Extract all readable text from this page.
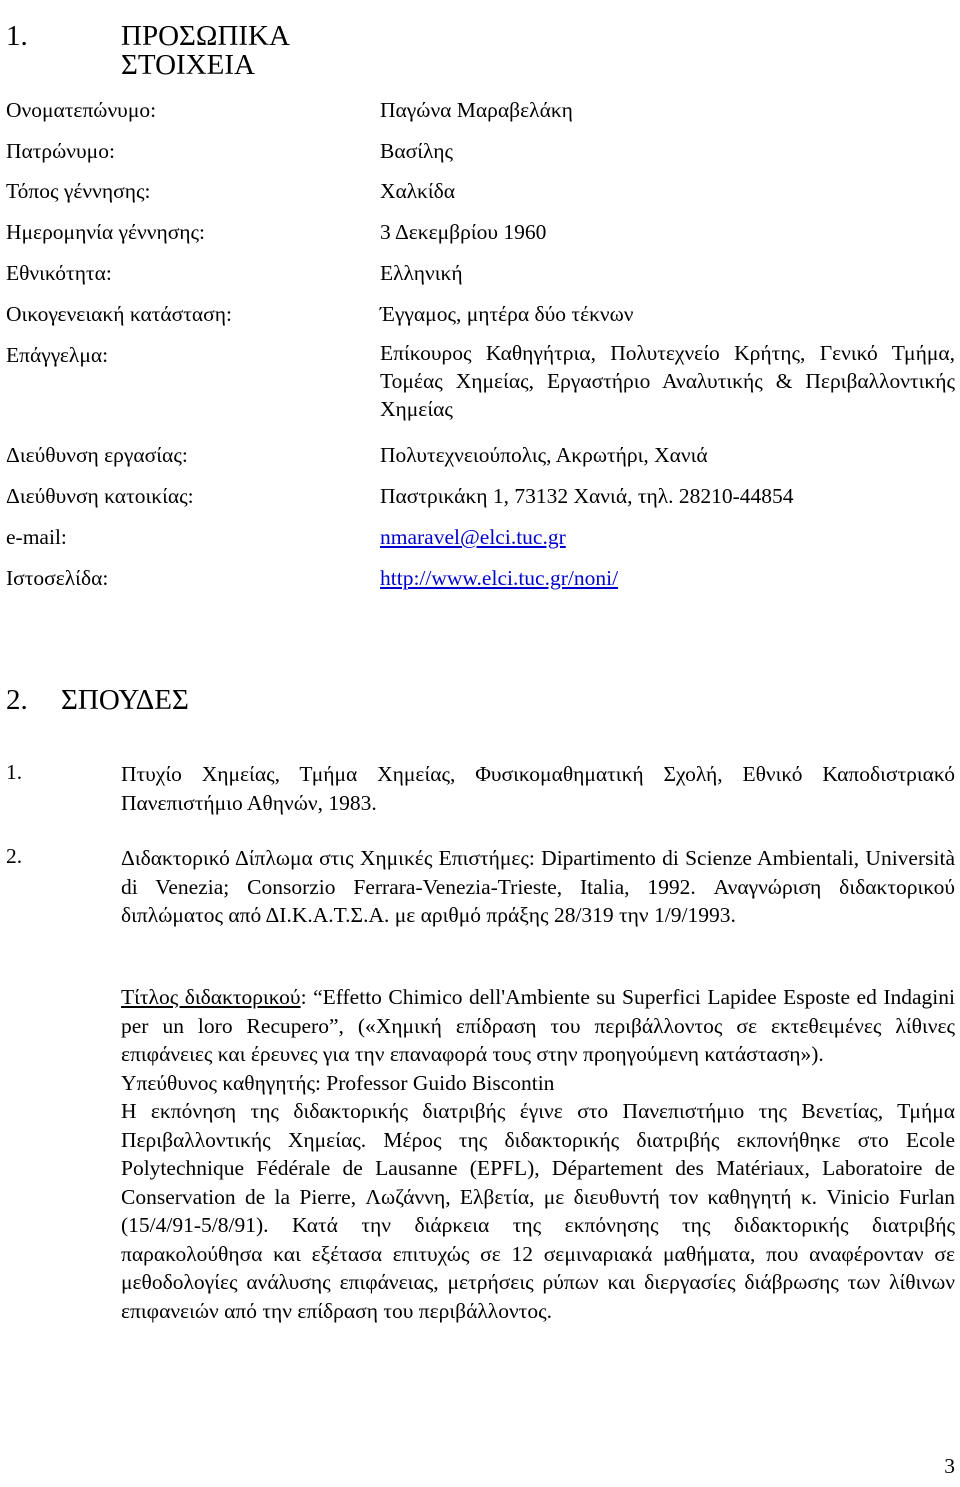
1.	ΠΡΟΣΩΠΙΚΑ ΣΤΟΙΧΕΙΑ
Ονοματεπώνυμο:	Παγώνα Μαραβελάκη
Πατρώνυμο:	Βασίλης
Τόπος γέννησης:	Χαλκίδα
Ημερομηνία γέννησης:	3 Δεκεμβρίου 1960
Εθνικότητα:	Ελληνική
Οικογενειακή κατάσταση:	Έγγαμος, μητέρα δύο τέκνων
Επάγγελμα:	Επίκουρος Καθηγήτρια, Πολυτεχνείο Κρήτης, Γενικό Τμήμα, Τομέας Χημείας, Εργαστήριο Αναλυτικής & Περιβαλλοντικής Χημείας
Διεύθυνση εργασίας:	Πολυτεχνειούπολις, Ακρωτήρι, Χανιά
Διεύθυνση κατοικίας:	Παστρικάκη 1, 73132 Χανιά, τηλ. 28210-44854
e-mail:	nmaravel@elci.tuc.gr
Ιστοσελίδα:	http://www.elci.tuc.gr/noni/
2. ΣΠΟΥΔΕΣ
1.	Πτυχίο Χημείας, Τμήμα Χημείας, Φυσικομαθηματική Σχολή, Εθνικό Καποδιστριακό Πανεπιστήμιο Αθηνών, 1983.
2.	Διδακτορικό Δίπλωμα στις Χημικές Επιστήμες: Dipartimento di Scienze Ambientali, Università di Venezia; Consorzio Ferrara-Venezia-Trieste, Italia, 1992. Αναγνώριση διδακτορικού διπλώματος από ΔΙ.Κ.Α.Τ.Σ.Α. με αριθμό πράξης 28/319 την 1/9/1993.

Τίτλος διδακτορικού: “Effetto Chimico dell'Ambiente su Superfici Lapidee Esposte ed Indagini per un loro Recupero”, («Χημική επίδραση του περιβάλλοντος σε εκτεθειμένες λίθινες επιφάνειες και έρευνες για την επαναφορά τους στην προηγούμενη κατάσταση»).

Υπεύθυνος καθηγητής: Professor Guido Biscontin

Η εκπόνηση της διδακτορικής διατριβής έγινε στο Πανεπιστήμιο της Βενετίας, Τμήμα Περιβαλλοντικής Χημείας. Μέρος της διδακτορικής διατριβής εκπονήθηκε στο Ecole Polytechnique Fédérale de Lausanne (EPFL), Département des Matériaux, Laboratoire de Conservation de la Pierre, Λωζάννη, Ελβετία, με διευθυντή τον καθηγητή κ. Vinicio Furlan (15/4/91-5/8/91). Κατά την διάρκεια της εκπόνησης της διδακτορικής διατριβής παρακολούθησα και εξέτασα επιτυχώς σε 12 σεμιναριακά μαθήματα, που αναφέρονταν σε μεθοδολογίες ανάλυσης επιφάνειας, μετρήσεις ρύπων και διεργασίες διάβρωσης των λίθινων επιφανειών από την επίδραση του περιβάλλοντος.

3
